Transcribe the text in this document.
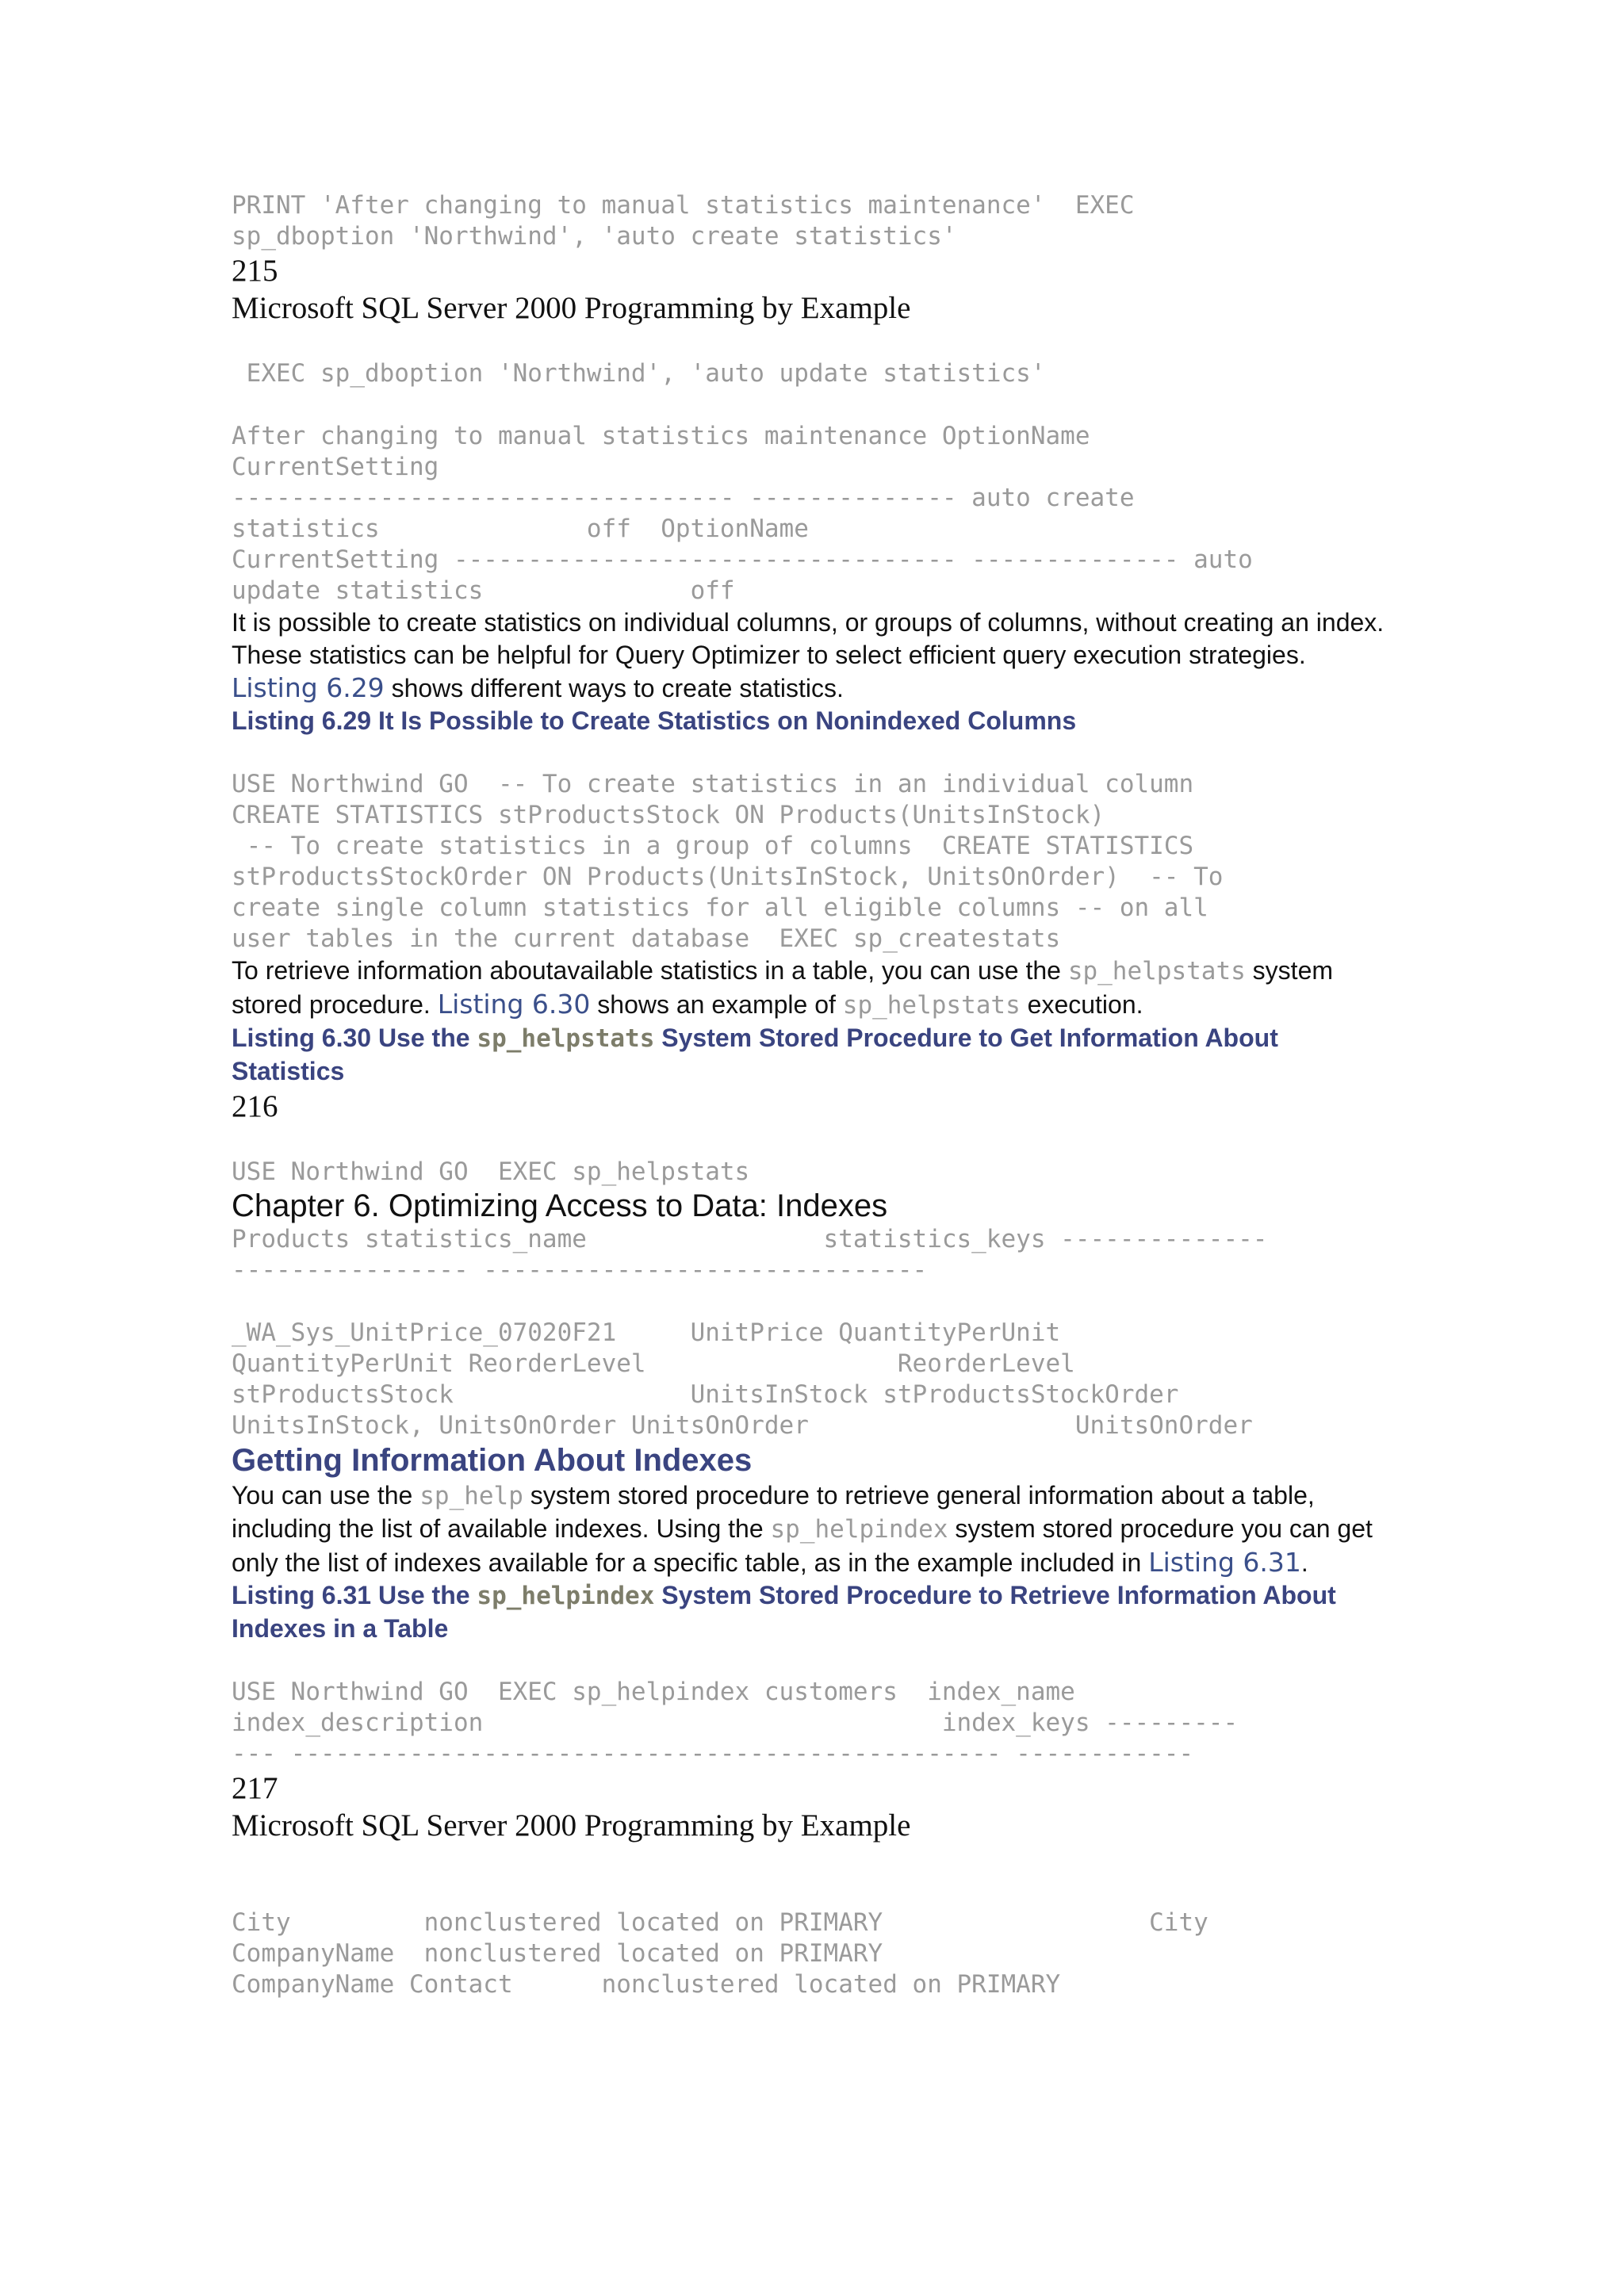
PRINT 'After changing to manual statistics maintenance'  EXEC
sp_dboption 'Northwind', 'auto create statistics'

215

Microsoft SQL Server 2000 Programming by Example

EXEC sp_dboption 'Northwind', 'auto update statistics'
After changing to manual statistics maintenance OptionName
CurrentSetting
---------------------------------- -------------- auto create
statistics              off  OptionName
CurrentSetting ---------------------------------- -------------- auto
update statistics              off

It is possible to create statistics on individual columns, or groups of columns, without creating an index. These statistics can be helpful for Query Optimizer to select efficient query execution strategies. Listing 6.29 shows different ways to create statistics.

Listing 6.29 It Is Possible to Create Statistics on Nonindexed Columns

USE Northwind GO  -- To create statistics in an individual column
CREATE STATISTICS stProductsStock ON Products(UnitsInStock)
-- To create statistics in a group of columns  CREATE STATISTICS
stProductsStockOrder ON Products(UnitsInStock, UnitsOnOrder)  -- To
create single column statistics for all eligible columns -- on all
user tables in the current database  EXEC sp_createstats

To retrieve information aboutavailable statistics in a table, you can use the sp_helpstats system stored procedure. Listing 6.30 shows an example of sp_helpstats execution.

Listing 6.30 Use the sp_helpstats System Stored Procedure to Get Information About Statistics

216

USE Northwind GO  EXEC sp_helpstats

Chapter 6. Optimizing Access to Data: Indexes

Products statistics_name                statistics_keys --------------
---------------- ------------------------------
_WA_Sys_UnitPrice_07020F21     UnitPrice QuantityPerUnit
QuantityPerUnit ReorderLevel                 ReorderLevel
stProductsStock                UnitsInStock stProductsStockOrder
UnitsInStock, UnitsOnOrder UnitsOnOrder                  UnitsOnOrder

Getting Information About Indexes

You can use the sp_help system stored procedure to retrieve general information about a table, including the list of available indexes. Using the sp_helpindex system stored procedure you can get only the list of indexes available for a specific table, as in the example included in Listing 6.31.

Listing 6.31 Use the sp_helpindex System Stored Procedure to Retrieve Information About Indexes in a Table

USE Northwind GO  EXEC sp_helpindex customers  index_name
index_description                               index_keys ---------
--- ------------------------------------------------ ------------

217

Microsoft SQL Server 2000 Programming by Example

City         nonclustered located on PRIMARY                  City
CompanyName  nonclustered located on PRIMARY
CompanyName Contact      nonclustered located on PRIMARY
